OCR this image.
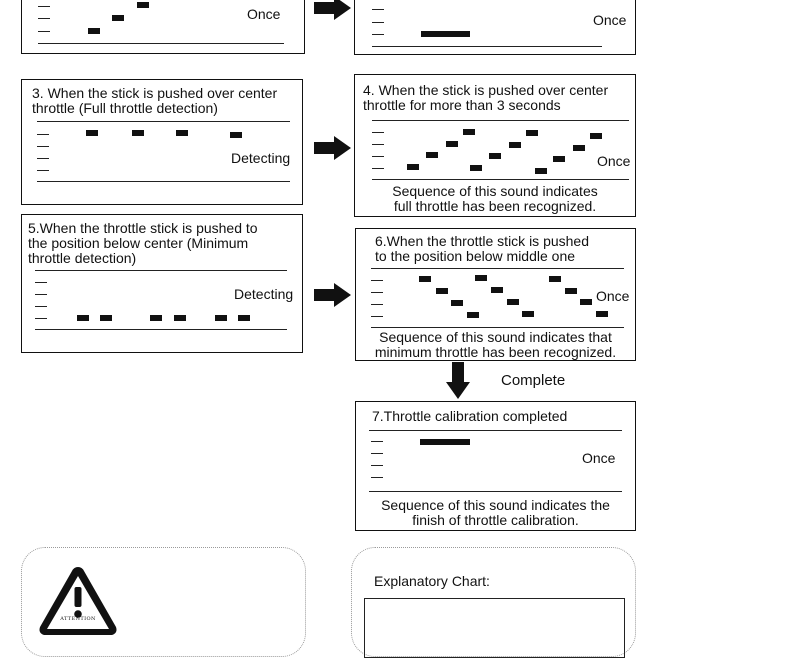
Once	Once
3. When the stick is pushed over center
throttle (Full throttle detection)
Detecting
4. When the stick is pushed over center
throttle for more than 3 seconds
Once
Sequence of this sound indicates
full throttle has been recognized.
5.When the throttle stick is pushed to
the position below center (Minimum
throttle detection)
Detecting
6.When the throttle stick is pushed
to the position below middle one
Once
Sequence of this sound indicates that
minimum throttle has been recognized.
Complete
7.Throttle calibration completed
Once
Sequence of this sound indicates the
finish of throttle calibration.
ATTENTION
Explanatory Chart:
